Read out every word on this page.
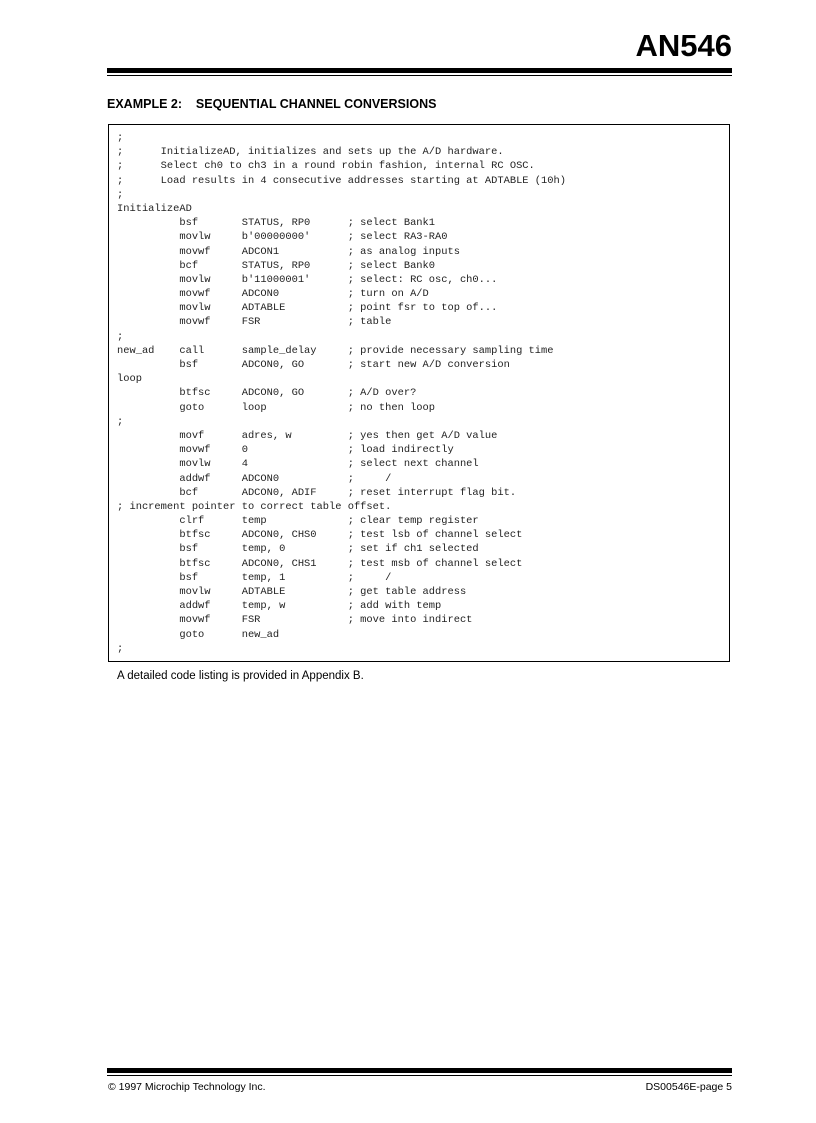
AN546
EXAMPLE 2:    SEQUENTIAL CHANNEL CONVERSIONS
;
;      InitializeAD, initializes and sets up the A/D hardware.
;      Select ch0 to ch3 in a round robin fashion, internal RC OSC.
;      Load results in 4 consecutive addresses starting at ADTABLE (10h)
;
InitializeAD
bsf       STATUS, RP0      ; select Bank1
movlw     b'00000000'      ; select RA3-RA0
movwf     ADCON1           ; as analog inputs
bcf       STATUS, RP0      ; select Bank0
movlw     b'11000001'      ; select: RC osc, ch0...
movwf     ADCON0           ; turn on A/D
movlw     ADTABLE          ; point fsr to top of...
movwf     FSR              ; table
;
new_ad    call      sample_delay     ; provide necessary sampling time
bsf       ADCON0, GO       ; start new A/D conversion
loop
btfsc     ADCON0, GO       ; A/D over?
goto      loop             ; no then loop
;
movf      adres, w         ; yes then get A/D value
movwf     0                ; load indirectly
movlw     4                ; select next channel
addwf     ADCON0           ;     /
bcf       ADCON0, ADIF     ; reset interrupt flag bit.
; increment pointer to correct table offset.
clrf      temp             ; clear temp register
btfsc     ADCON0, CHS0     ; test lsb of channel select
bsf       temp, 0          ; set if ch1 selected
btfsc     ADCON0, CHS1     ; test msb of channel select
bsf       temp, 1          ;     /
movlw     ADTABLE          ; get table address
addwf     temp, w          ; add with temp
movwf     FSR              ; move into indirect
goto      new_ad
;
A detailed code listing is provided in Appendix B.
© 1997 Microchip Technology Inc.	DS00546E-page 5
